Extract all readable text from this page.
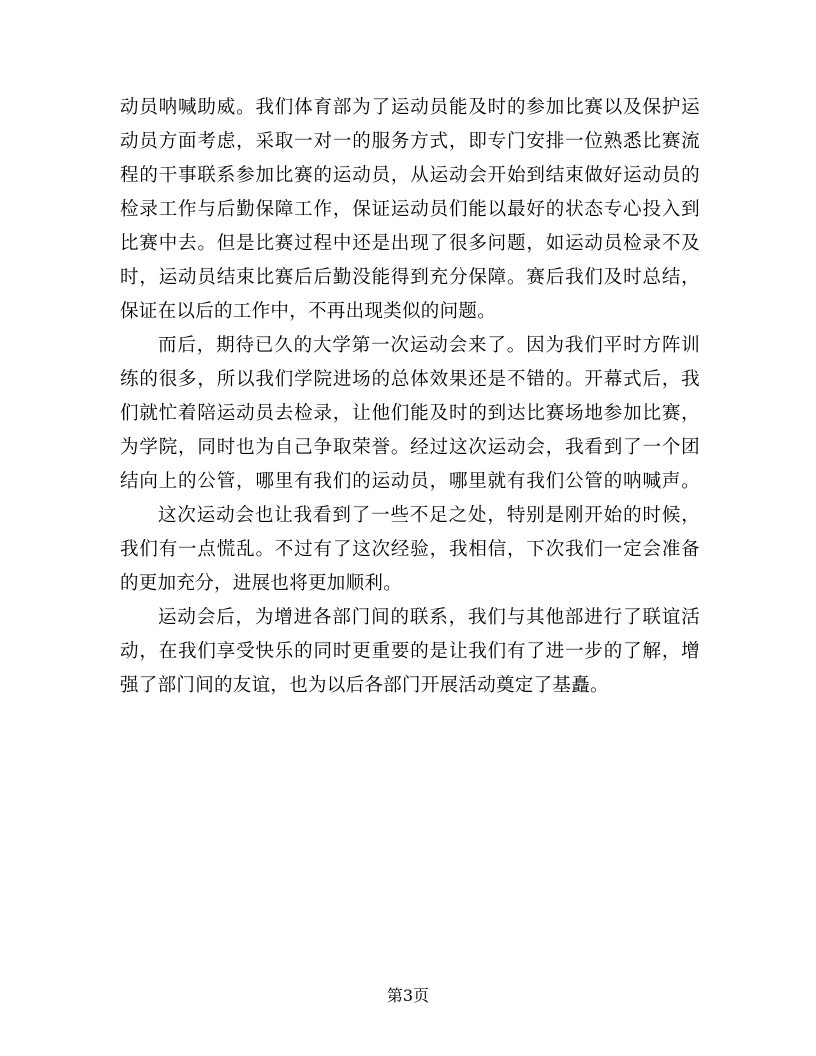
动员呐喊助威。我们体育部为了运动员能及时的参加比赛以及保护运
动员方面考虑，采取一对一的服务方式，即专门安排一位熟悉比赛流
程的干事联系参加比赛的运动员，从运动会开始到结束做好运动员的
检录工作与后勤保障工作，保证运动员们能以最好的状态专心投入到
比赛中去。但是比赛过程中还是出现了很多问题，如运动员检录不及
时，运动员结束比赛后后勤没能得到充分保障。赛后我们及时总结，
保证在以后的工作中，不再出现类似的问题。
而后，期待已久的大学第一次运动会来了。因为我们平时方阵训
练的很多，所以我们学院进场的总体效果还是不错的。开幕式后，我
们就忙着陪运动员去检录，让他们能及时的到达比赛场地参加比赛，
为学院，同时也为自己争取荣誉。经过这次运动会，我看到了一个团
结向上的公管，哪里有我们的运动员，哪里就有我们公管的呐喊声。
这次运动会也让我看到了一些不足之处，特别是刚开始的时候，
我们有一点慌乱。不过有了这次经验，我相信，下次我们一定会准备
的更加充分，进展也将更加顺利。
运动会后，为增进各部门间的联系，我们与其他部进行了联谊活
动，在我们享受快乐的同时更重要的是让我们有了进一步的了解，增
强了部门间的友谊，也为以后各部门开展活动奠定了基矗。
第3页
